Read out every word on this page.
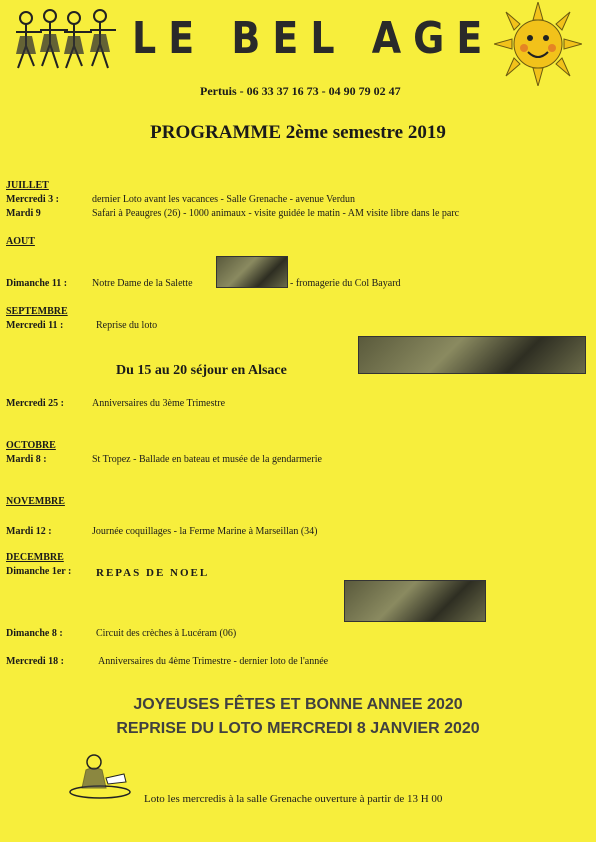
LE BEL AGE
Pertuis - 06 33 37 16 73 - 04 90 79 02 47
PROGRAMME 2ème semestre 2019
JUILLET
Mercredi 3 :	dernier Loto avant les vacances - Salle Grenache - avenue Verdun
Mardi 9	Safari à Peaugres (26) - 1000 animaux - visite guidée le matin - AM visite libre dans le parc
AOUT
Dimanche 11 : Notre Dame de la Salette	- fromagerie du Col Bayard
SEPTEMBRE
Mercredi 11 :	Reprise du loto
Du 15 au 20 séjour en Alsace
Mercredi 25 :	Anniversaires du 3ème Trimestre
OCTOBRE
Mardi 8 :	St Tropez - Ballade en bateau et musée de la gendarmerie
NOVEMBRE
Mardi 12 :	Journée coquillages - la Ferme Marine à Marseillan (34)
DECEMBRE
Dimanche 1er : REPAS DE NOEL
Dimanche 8 :	Circuit des crèches à Lucéram (06)
Mercredi 18 :	Anniversaires du 4ème Trimestre - dernier loto de l'année
JOYEUSES FÊTES ET BONNE ANNEE 2020
REPRISE DU LOTO MERCREDI 8 JANVIER 2020
Loto les mercredis à la salle Grenache ouverture à partir de 13 H 00
